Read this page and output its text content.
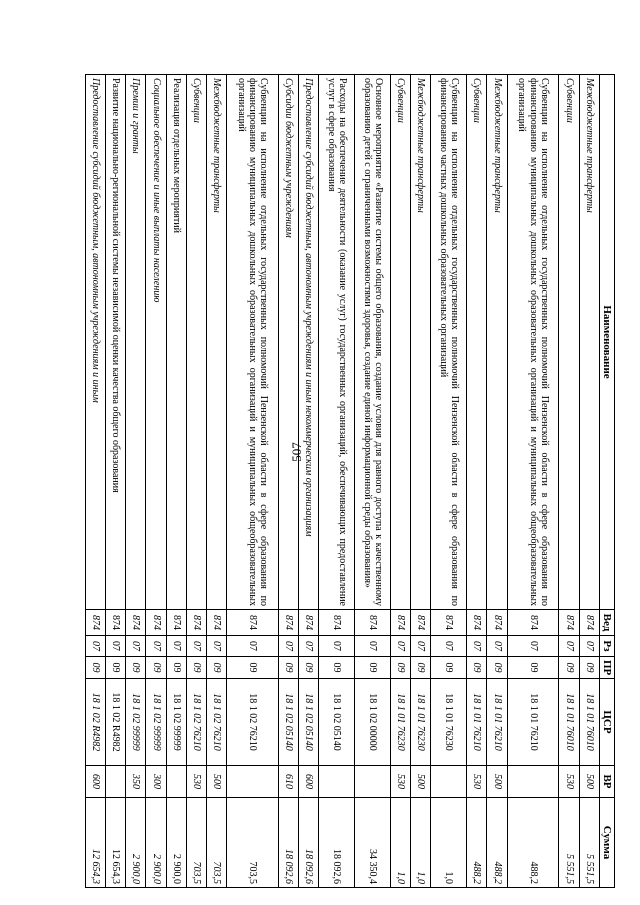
507
Наименование	Вед	Рз	ПР	ЦСР	ВР	Сумма
Межбюджетные трансферты	874	07	09	18 1 01 76010	500	5 551,5
Субвенции	874	07	09	18 1 01 76010	530	5 551,5
Субвенции на исполнение отдельных государственных полномочий Пензенской области в сфере образования по финансированию муниципальных дошкольных образовательных организаций и муниципальных общеобразовательных организаций	874	07	09	18 1 01 76210		488,2
Межбюджетные трансферты	874	07	09	18 1 01 76210	500	488,2
Субвенции	874	07	09	18 1 01 76210	530	488,2
Субвенции на исполнение отдельных государственных полномочий Пензенской области в сфере образования по финансированию частных дошкольных образовательных организаций	874	07	09	18 1 01 76230		1,0
Межбюджетные трансферты	874	07	09	18 1 01 76230	500	1,0
Субвенции	874	07	09	18 1 01 76230	530	1,0
Основное мероприятие «Развитие системы общего образования, создание условия для равного доступа к качественному образованию детей с ограниченными возможностями здоровья, создание единой информационной среды образования»	874	07	09	18 1 02 00000		34 350,4
Расходы на обеспечение деятельности (оказание услуг) государственных организаций, обеспечивающих предоставление услуг в сфере образования	874	07	09	18 1 02 05140		18 092,6
Предоставление субсидий бюджетным, автономным учреждениям и иным некоммерческим организациям	874	07	09	18 1 02 05140	600	18 092,6
Субсидии бюджетным учреждениям	874	07	09	18 1 02 05140	610	18 092,6
Субвенции на исполнение отдельных государственных полномочий Пензенской области в сфере образования по финансированию муниципальных дошкольных образовательных организаций и муниципальных общеобразовательных организаций	874	07	09	18 1 02 76210		703,5
Межбюджетные трансферты	874	07	09	18 1 02 76210	500	703,5
Субвенции	874	07	09	18 1 02 76210	530	703,5
Реализация отдельных мероприятий	874	07	09	18 1 02 99999		2 900,0
Социальное обеспечение и иные выплаты населению	874	07	09	18 1 02 99999	300	2 900,0
Премии и гранты	874	07	09	18 1 02 99999	350	2 900,0
Развитие национально-региональной системы независимой оценки качества общего образования	874	07	09	18 1 02 R4982		12 654,3
Предоставление субсидий бюджетным, автономным учреждениям и иным	874	07	09	18 1 02 R4982	600	12 654,3
